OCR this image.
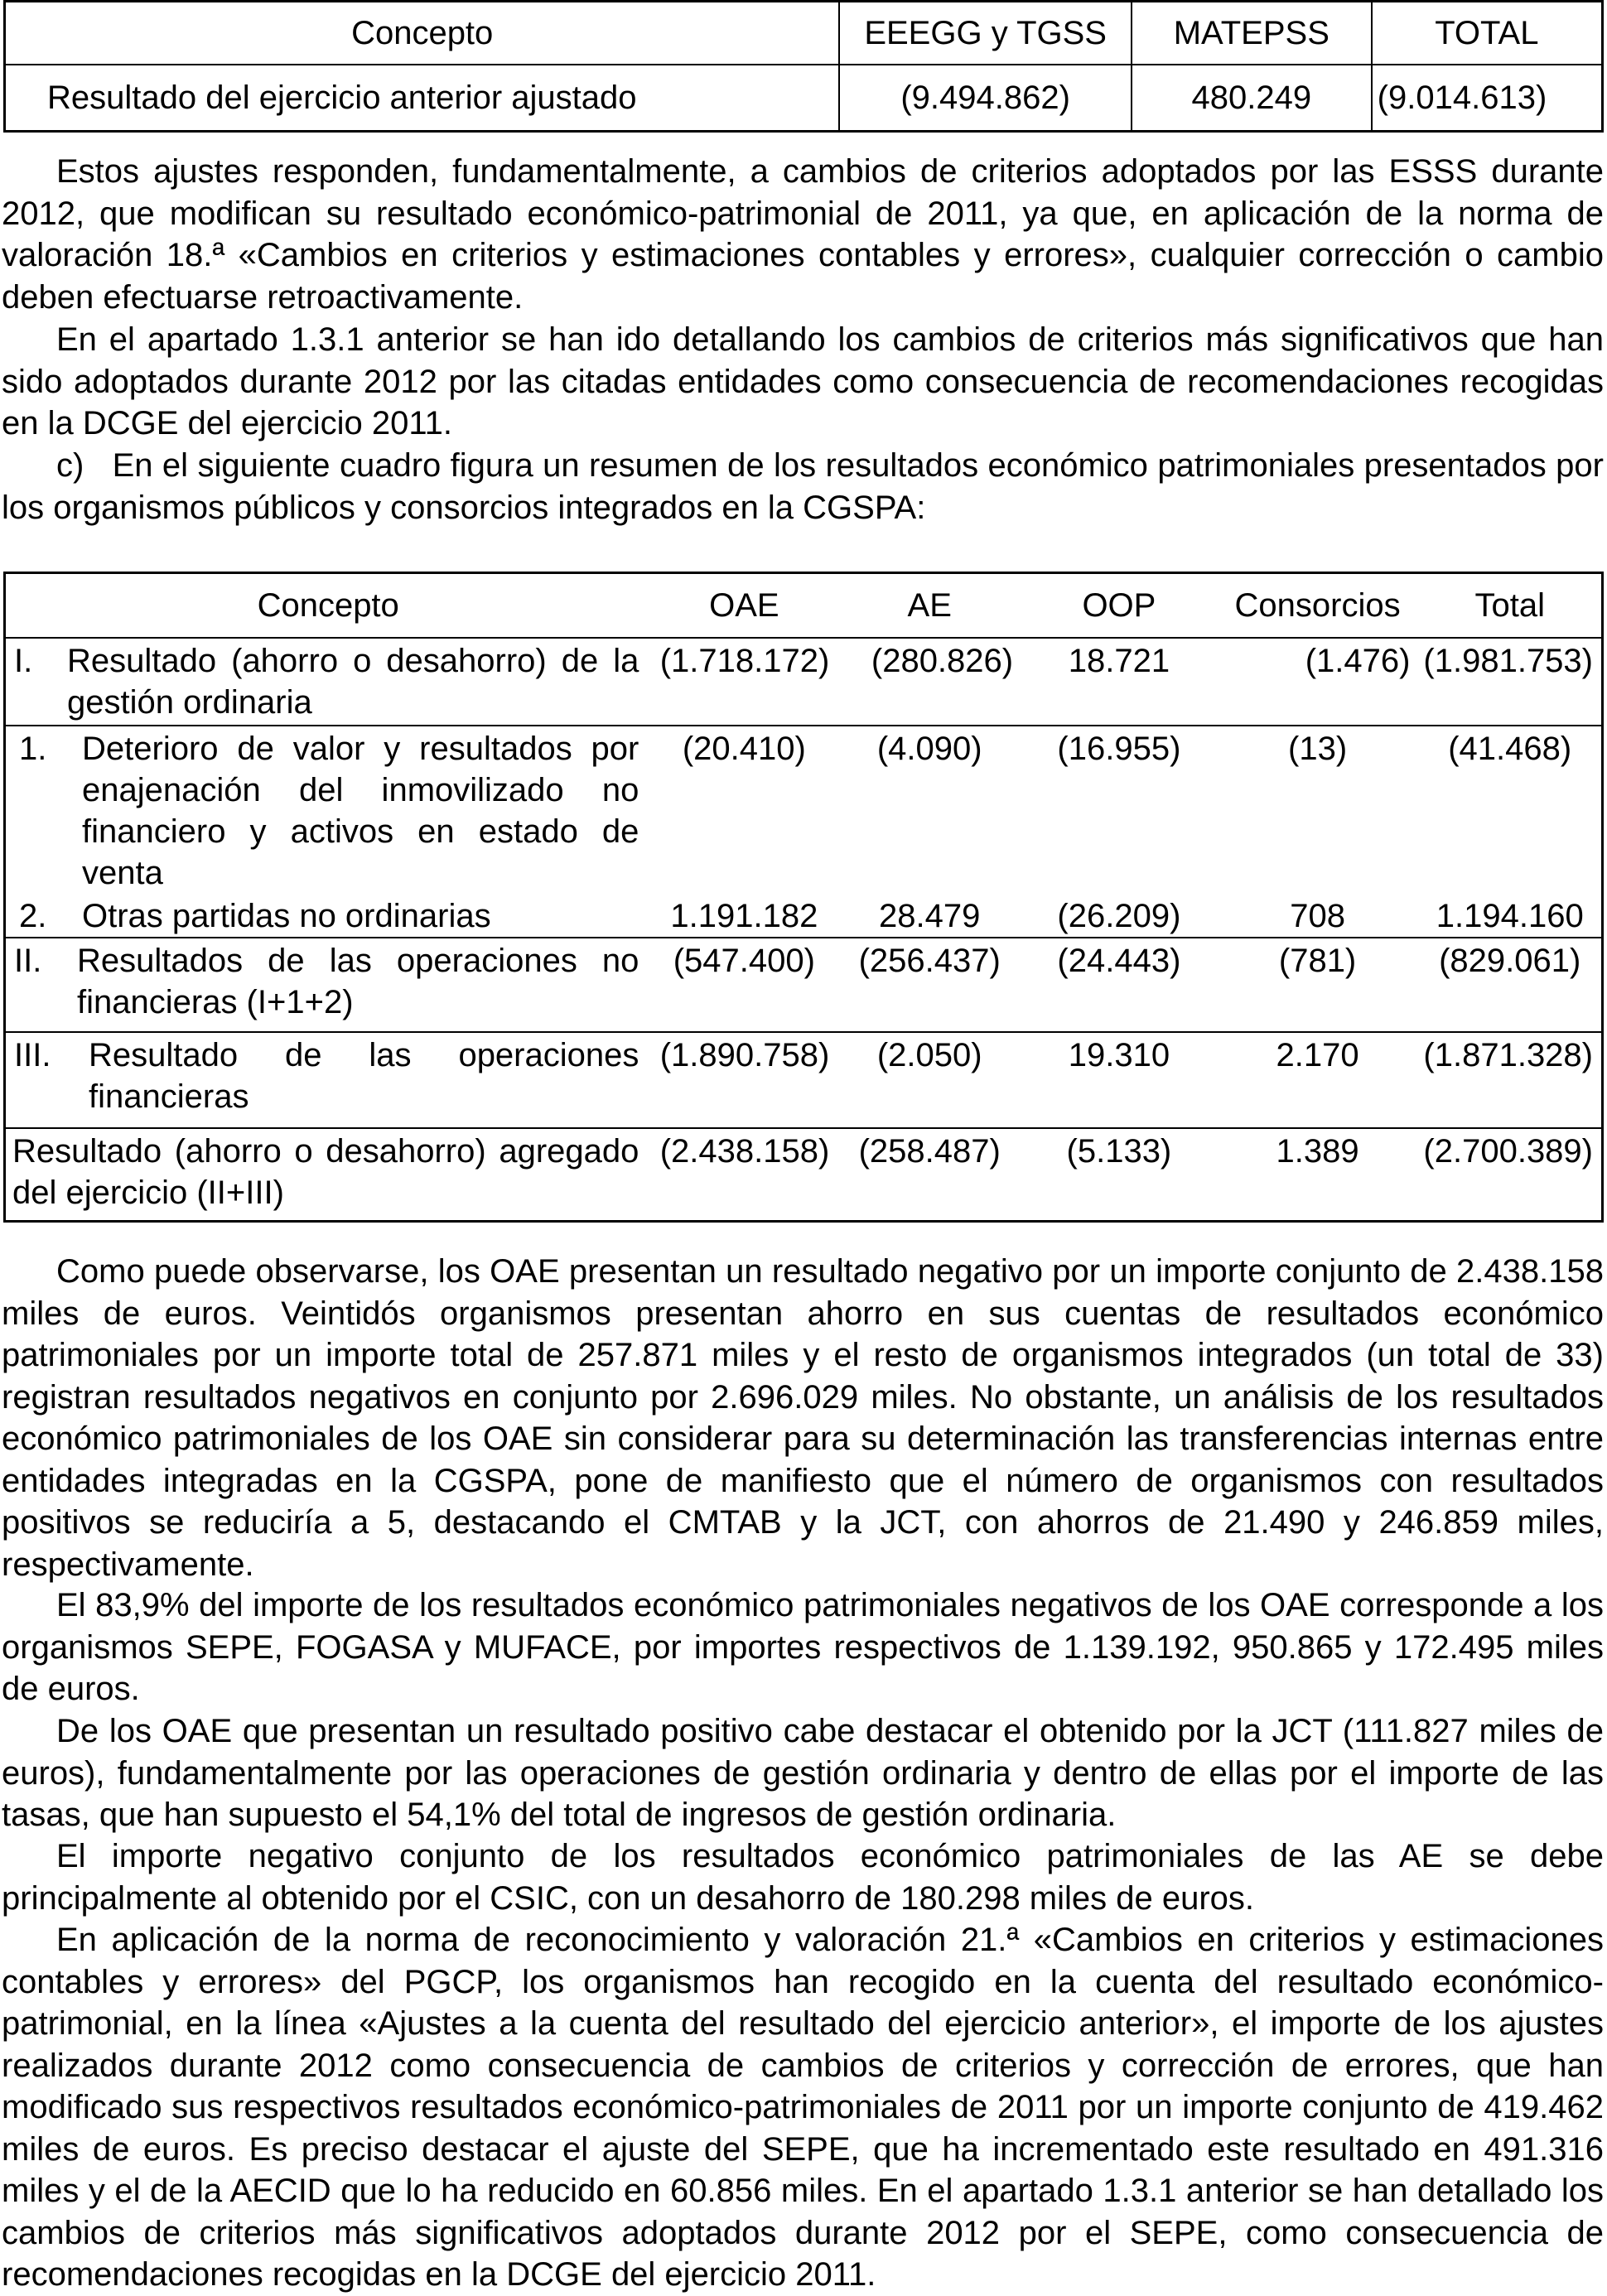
Concepto	EEEGG y TGSS	MATEPSS	TOTAL
Resultado del ejercicio anterior ajustado	(9.494.862)	480.249	(9.014.613)

Estos ajustes responden, fundamentalmente, a cambios de criterios adoptados por las ESSS durante 2012, que modifican su resultado económico-patrimonial de 2011, ya que, en aplicación de la norma de valoración 18.ª «Cambios en criterios y estimaciones contables y errores», cualquier corrección o cambio deben efectuarse retroactivamente.

En el apartado 1.3.1 anterior se han ido detallando los cambios de criterios más significativos que han sido adoptados durante 2012 por las citadas entidades como consecuencia de recomendaciones recogidas en la DCGE del ejercicio 2011.

c) En el siguiente cuadro figura un resumen de los resultados económico patrimoniales presentados por los organismos públicos y consorcios integrados en la CGSPA:

Concepto	OAE	AE	OOP	Consorcios	Total

I. Resultado (ahorro o desahorro) de la gestión ordinaria	(1.718.172)	(280.826)	18.721	(1.476)	(1.981.753)

1. Deterioro de valor y resultados por enajenación del inmovilizado no financiero y activos en estado de venta	(20.410)	(4.090)	(16.955)	(13)	(41.468)

2. Otras partidas no ordinarias	1.191.182	28.479	(26.209)	708	1.194.160

II. Resultados de las operaciones no financieras (I+1+2)	(547.400)	(256.437)	(24.443)	(781)	(829.061)

III. Resultado de las operaciones financieras	(1.890.758)	(2.050)	19.310	2.170	(1.871.328)

Resultado (ahorro o desahorro) agregado del ejercicio (II+III)	(2.438.158)	(258.487)	(5.133)	1.389	(2.700.389)

Como puede observarse, los OAE presentan un resultado negativo por un importe conjunto de 2.438.158 miles de euros. Veintidós organismos presentan ahorro en sus cuentas de resultados económico patrimoniales por un importe total de 257.871 miles y el resto de organismos integrados (un total de 33) registran resultados negativos en conjunto por 2.696.029 miles. No obstante, un análisis de los resultados económico patrimoniales de los OAE sin considerar para su determinación las transferencias internas entre entidades integradas en la CGSPA, pone de manifiesto que el número de organismos con resultados positivos se reduciría a 5, destacando el CMTAB y la JCT, con ahorros de 21.490 y 246.859 miles, respectivamente.

El 83,9% del importe de los resultados económico patrimoniales negativos de los OAE corresponde a los organismos SEPE, FOGASA y MUFACE, por importes respectivos de 1.139.192, 950.865 y 172.495 miles de euros.

De los OAE que presentan un resultado positivo cabe destacar el obtenido por la JCT (111.827 miles de euros), fundamentalmente por las operaciones de gestión ordinaria y dentro de ellas por el importe de las tasas, que han supuesto el 54,1% del total de ingresos de gestión ordinaria.

El importe negativo conjunto de los resultados económico patrimoniales de las AE se debe principalmente al obtenido por el CSIC, con un desahorro de 180.298 miles de euros.

En aplicación de la norma de reconocimiento y valoración 21.ª «Cambios en criterios y estimaciones contables y errores» del PGCP, los organismos han recogido en la cuenta del resultado económico-patrimonial, en la línea «Ajustes a la cuenta del resultado del ejercicio anterior», el importe de los ajustes realizados durante 2012 como consecuencia de cambios de criterios y corrección de errores, que han modificado sus respectivos resultados económico-patrimoniales de 2011 por un importe conjunto de 419.462 miles de euros. Es preciso destacar el ajuste del SEPE, que ha incrementado este resultado en 491.316 miles y el de la AECID que lo ha reducido en 60.856 miles. En el apartado 1.3.1 anterior se han detallado los cambios de criterios más significativos adoptados durante 2012 por el SEPE, como consecuencia de recomendaciones recogidas en la DCGE del ejercicio 2011.
